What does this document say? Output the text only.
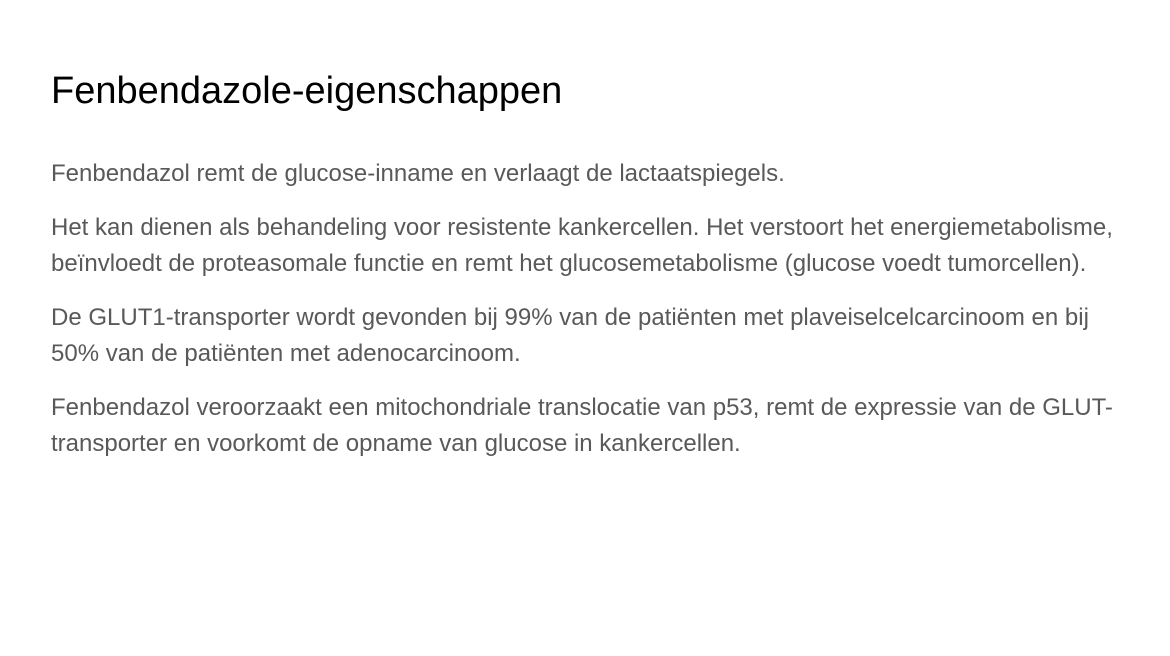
Fenbendazole-eigenschappen

Fenbendazol remt de glucose-inname en verlaagt de lactaatspiegels.

Het kan dienen als behandeling voor resistente kankercellen. Het verstoort het energiemetabolisme, beïnvloedt de proteasomale functie en remt het glucosemetabolisme (glucose voedt tumorcellen).

De GLUT1-transporter wordt gevonden bij 99% van de patiënten met plaveiselcelcarcinoom en bij 50% van de patiënten met adenocarcinoom.

Fenbendazol veroorzaakt een mitochondriale translocatie van p53, remt de expressie van de GLUT-transporter en voorkomt de opname van glucose in kankercellen.
